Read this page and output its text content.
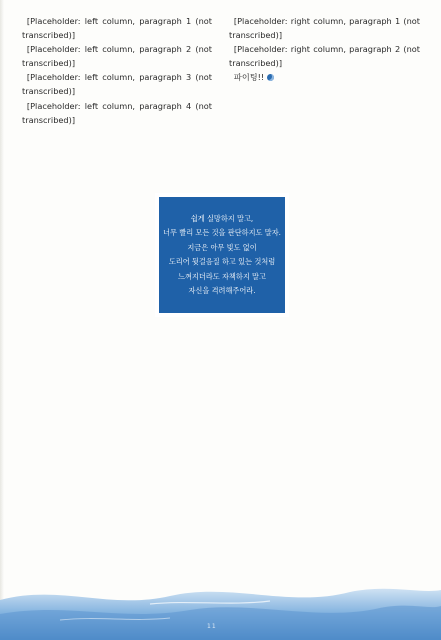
[Placeholder: left column, paragraph 1 (not transcribed)]

[Placeholder: left column, paragraph 2 (not transcribed)]

[Placeholder: left column, paragraph 3 (not transcribed)]

[Placeholder: left column, paragraph 4 (not transcribed)]

[Placeholder: right column, paragraph 1 (not transcribed)]

[Placeholder: right column, paragraph 2 (not transcribed)]

파이팅!!

쉽게 실망하지 말고,
너무 빨리 모든 것을 판단하지도 말자.
지금은 아무 빛도 없이
도리어 뒷걸음질 하고 있는 것처럼
느껴지더라도 자책하지 말고
자신을 격려해주어라.
11
